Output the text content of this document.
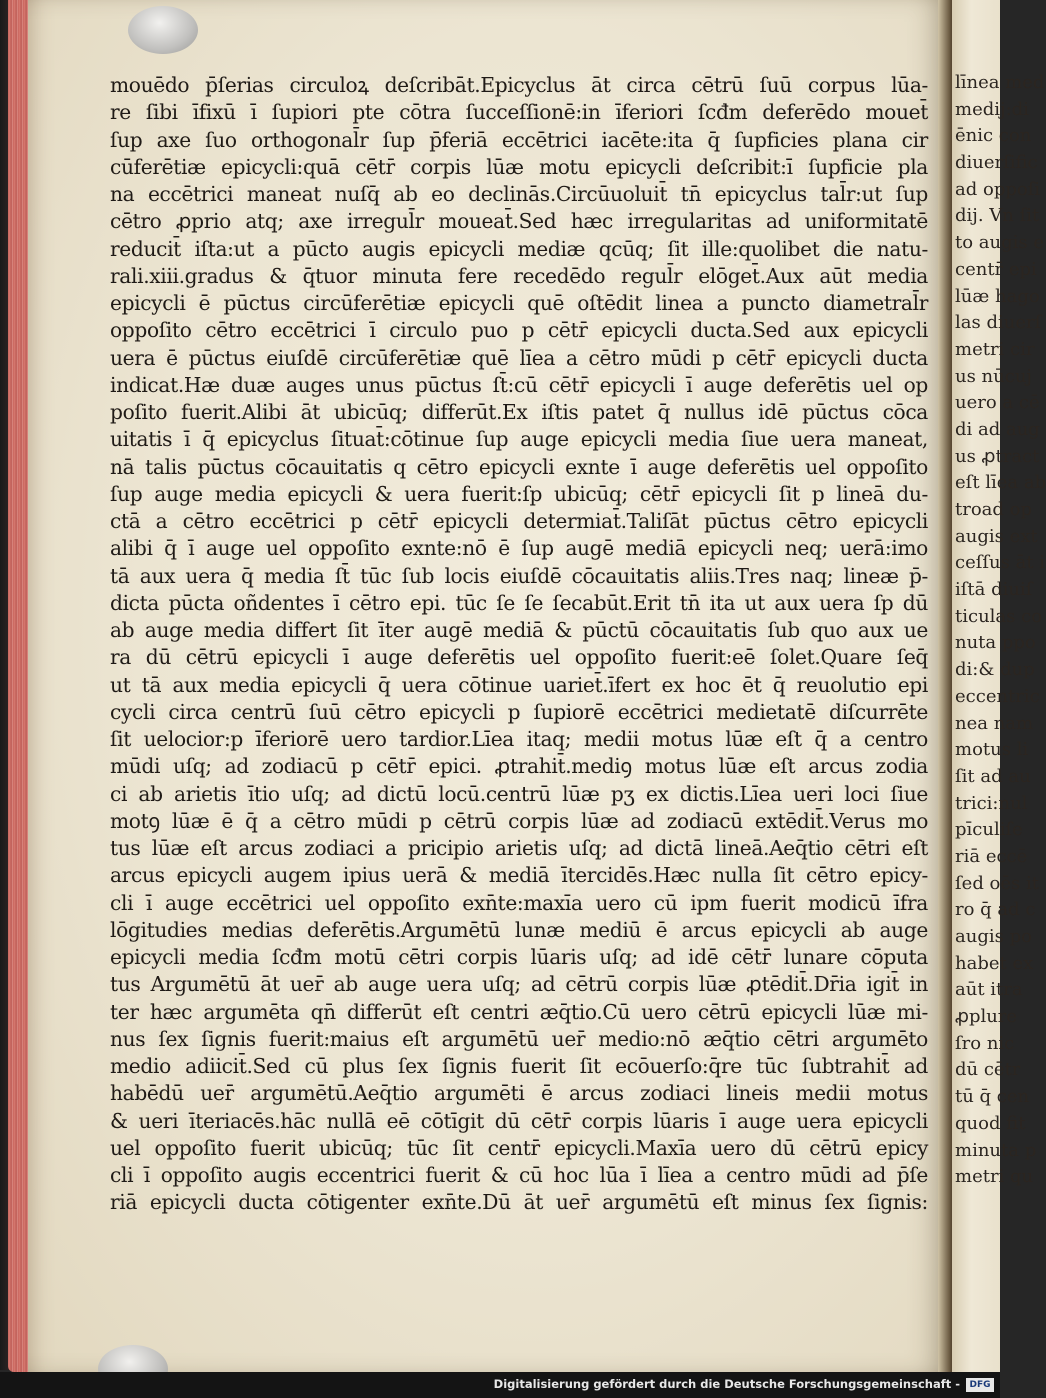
mouēdo p̄ſerias circuloꝝ deſcribāt.Epicyclus āt circa cētrū ſuū corpus lūa‑
re ſibi īfixū ī ſupiori pte cōtra ſucceſſionē:in īferiori ſcđm deferēdo mouet̄
ſup axe ſuo orthogonal̄r ſup p̄feriā eccētrici iacēte:ita q̄ ſupficies plana cir
cūferētiæ epicycli:quā cētr̄ corpis lūæ motu epicycli deſcribit:ī ſupficie pla
na eccētrici maneat nuſq̄ ab eo declinās.Circūuoluit̄ tn̄ epicyclus tal̄r:ut ſup
cētro ꝓprio atq; axe irregul̄r moueat̄.Sed hæc irregularitas ad uniformitatē
reducit̄ iſta:ut a pūcto augis epicycli mediæ qcūq; ſit ille:quolibet die natu‑
rali.xiii.gradus & q̄tuor minuta fere recedēdo regul̄r elōget̄.Aux aūt media
epicycli ē pūctus circūferētiæ epicycli quē oſtēdit linea a puncto diametral̄r
oppoſito cētro eccētrici ī circulo puo p cētr̄ epicycli ducta.Sed aux epicycli
uera ē pūctus eiuſdē circūferētiæ quē līea a cētro mūdi p cētr̄ epicycli ducta
indicat.Hæ duæ auges unus pūctus ſt̄:cū cētr̄ epicycli ī auge deferētis uel op
poſito fuerit.Alibi āt ubicūq; differūt.Ex iſtis patet q̄ nullus idē pūctus cōca
uitatis ī q̄ epicyclus ſituat̄:cōtinue ſup auge epicycli media ſiue uera maneat,
nā talis pūctus cōcauitatis q cētro epicycli exnte ī auge deferētis uel oppoſito
ſup auge media epicycli & uera fuerit:ſp ubicūq; cētr̄ epicycli ſit p lineā du‑
ctā a cētro eccētrici p cētr̄ epicycli determiat̄.Taliſāt pūctus cētro epicycli
alibi q̄ ī auge uel oppoſito exnte:nō ē ſup augē mediā epicycli neq; uerā:imo
tā aux uera q̄ media ſt̄ tūc ſub locis eiuſdē cōcauitatis aliis.Tres naq; lineæ p̄‑
dicta pūcta oñdentes ī cētro epi. tūc ſe ſe ſecabūt.Erit tn̄ ita ut aux uera ſp dū
ab auge media differt ſit īter augē mediā & pūctū cōcauitatis ſub quo aux ue
ra dū cētrū epicycli ī auge deferētis uel oppoſito fuerit:eē ſolet.Quare ſeq̄
ut tā aux media epicycli q̄ uera cōtinue uariet̄.īfert ex hoc ēt q̄ reuolutio epi
cycli circa centrū ſuū cētro epicycli p ſupiorē eccētrici medietatē diſcurrēte
ſit uelocior:p īferiorē uero tardior.Līea itaq; medii motus lūæ eſt q̄ a centro
mūdi uſq; ad zodiacū p cētr̄ epici. ꝓtrahit̄.mediꝯ motus lūæ eſt arcus zodia
ci ab arietis ītio uſq; ad dictū locū.centrū lūæ pʒ ex dictis.Līea ueri loci ſiue
motꝯ lūæ ē q̄ a cētro mūdi p cētrū corpis lūæ ad zodiacū extēdit̄.Verus mo
tus lūæ eſt arcus zodiaci a pricipio arietis uſq; ad dictā lineā.Aeq̄tio cētri eſt
arcus epicycli augem ipius uerā & mediā ītercidēs.Hæc nulla ſit cētro epicy‑
cli ī auge eccētrici uel oppoſito exn̄te:maxīa uero cū ipm fuerit modicū īfra
lōgitudies medias deferētis.Argumētū lunæ mediū ē arcus epicycli ab auge
epicycli media ſcđm motū cētri corpis lūaris uſq; ad idē cētr̄ lunare cōputa
tus Argumētū āt uer̄ ab auge uera uſq; ad cētrū corpis lūæ ꝓtēdit̄.Dr̄ia igit̄ in
ter hæc argumēta qn̄ differūt eſt centri æq̄tio.Cū uero cētrū epicycli lūæ mi‑
nus ſex ſignis fuerit:maius eſt argumētū uer̄ medio:nō æq̄tio cētri argumēto
medio adiicit̄.Sed cū plus ſex ſignis fuerit ſit ecōuerſo:q̄re tūc ſubtrahit̄ ad
habēdū uer̄ argumētū.Aeq̄tio argumēti ē arcus zodiaci lineis medii motus
& ueri īteriacēs.hāc nullā eē cōtīgit dū cētr̄ corpis lūaris ī auge uera epicycli
uel oppoſito fuerit ubicūq; tūc ſit centr̄ epicycli.Maxīa uero dū cētrū epicy
cli ī oppoſito augis eccentrici fuerit & cū hoc lūa ī līea a centro mūdi ad p̄ſe
riā epicycli ducta cōtigenter exn̄te.Dū āt uer̄ argumētū eſt minus ſex ſignis:
līnea med
medij:di
ēnic con
diuerſific
ad oppoſi
dij. Vn ſit
to augis e
centr̄ epi
lūæ hago
las diuerſ
metri cir
us nūcuj
uero a cē
di ad aug
us ꝓtract
eſt līea ab
troad op
augis ext
ceſſus āt i
iſtā diuiſ
ticulas co
nuta ppo
di:& dup
eccentric
nea nam
motus li
ſit ad au
trici:nul
pīculiſe
riā eccē
ſed oēs it
ro q̄ ad c
augis po
habet ex
aūt itra
ꝓplure
ſro nic
dū cētr
tū q̄ cen
quod fit
minuta p
metri qu
Digitalisierung gefördert durch die Deutsche Forschungsgemeinschaft -	DFG
